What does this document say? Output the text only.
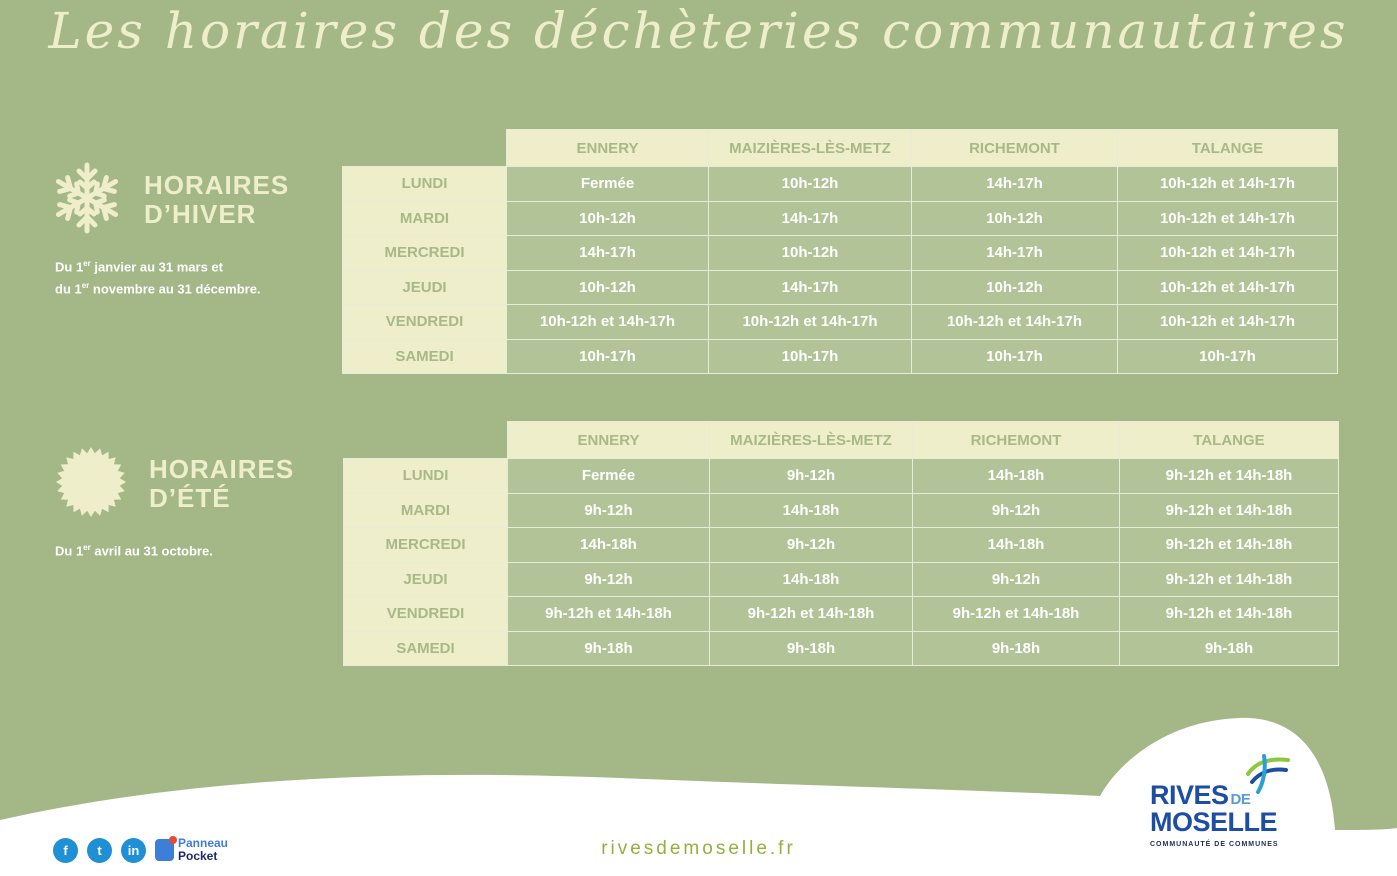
Les horaires des déchèteries communautaires
HORAIRES
D’HIVER
Du 1er janvier au 31 mars et
du 1er novembre au 31 décembre.
	ENNERY	MAIZIÈRES-LÈS-METZ	RICHEMONT	TALANGE
LUNDI	Fermée	10h-12h	14h-17h	10h-12h et 14h-17h
MARDI	10h-12h	14h-17h	10h-12h	10h-12h et 14h-17h
MERCREDI	14h-17h	10h-12h	14h-17h	10h-12h et 14h-17h
JEUDI	10h-12h	14h-17h	10h-12h	10h-12h et 14h-17h
VENDREDI	10h-12h et 14h-17h	10h-12h et 14h-17h	10h-12h et 14h-17h	10h-12h et 14h-17h
SAMEDI	10h-17h	10h-17h	10h-17h	10h-17h
HORAIRES
D’ÉTÉ
Du 1er avril au 31 octobre.
	ENNERY	MAIZIÈRES-LÈS-METZ	RICHEMONT	TALANGE
LUNDI	Fermée	9h-12h	14h-18h	9h-12h et 14h-18h
MARDI	9h-12h	14h-18h	9h-12h	9h-12h et 14h-18h
MERCREDI	14h-18h	9h-12h	14h-18h	9h-12h et 14h-18h
JEUDI	9h-12h	14h-18h	9h-12h	9h-12h et 14h-18h
VENDREDI	9h-12h et 14h-18h	9h-12h et 14h-18h	9h-12h et 14h-18h	9h-12h et 14h-18h
SAMEDI	9h-18h	9h-18h	9h-18h	9h-18h
f	t	in	Panneau
Pocket	rivesdemoselle.fr
RIVES DE
MOSELLE
COMMUNAUTÉ DE COMMUNES
